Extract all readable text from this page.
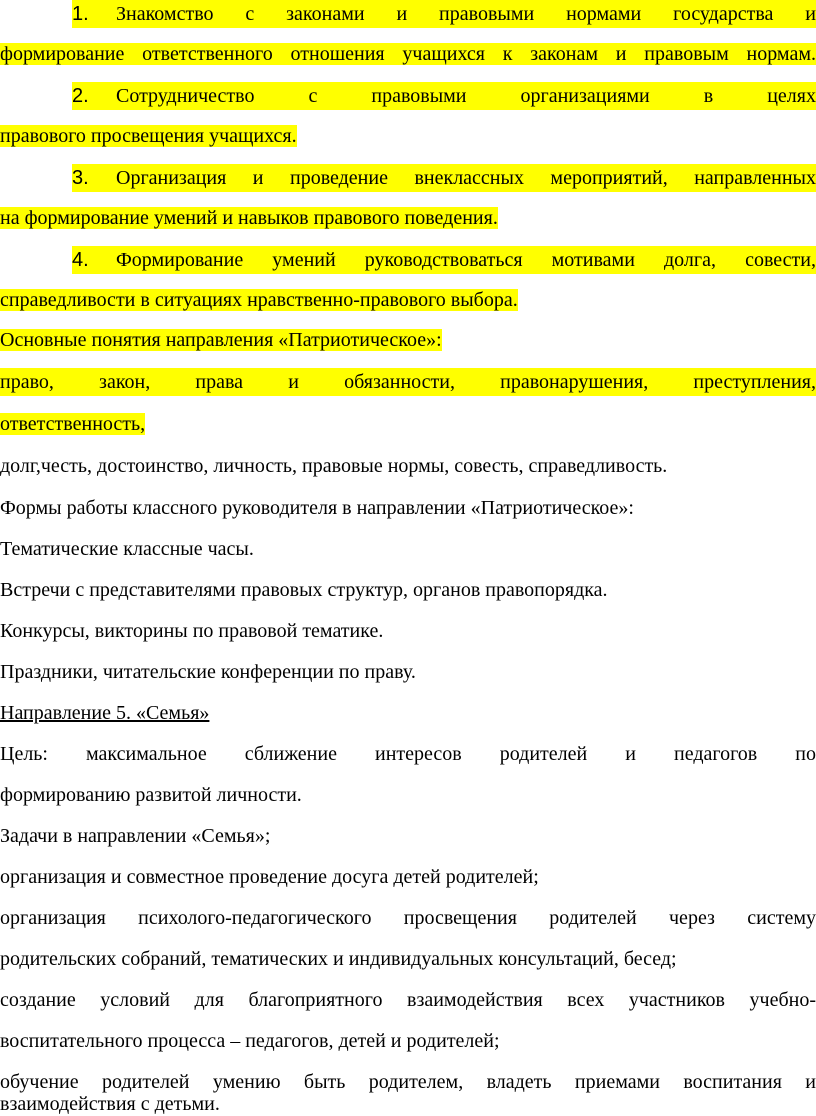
1. Знакомство с законами и правовыми нормами государства и
формирование ответственного отношения учащихся к законам и правовым нормам.
2. Сотрудничество с правовыми организациями в целях
правового просвещения учащихся.
3. Организация и проведение внеклассных мероприятий, направленных
на формирование умений и навыков правового поведения.
4. Формирование умений руководствоваться мотивами долга, совести,
справедливости в ситуациях нравственно-правового выбора.
Основные понятия направления «Патриотическое»:
право, закон, права и обязанности, правонарушения, преступления,
ответственность,
долг,честь, достоинство, личность, правовые нормы, совесть, справедливость.
Формы работы классного руководителя в направлении «Патриотическое»:
Тематические классные часы.
Встречи с представителями правовых структур, органов правопорядка.
Конкурсы, викторины по правовой тематике.
Праздники, читательские конференции по праву.
Направление 5. «Семья»
Цель: максимальное сближение интересов родителей и педагогов по
формированию развитой личности.
Задачи в направлении «Семья»;
организация и совместное проведение досуга детей родителей;
организация психолого-педагогического просвещения родителей через систему
родительских собраний, тематических и индивидуальных консультаций, бесед;
создание условий для благоприятного взаимодействия всех участников учебно-
воспитательного процесса – педагогов, детей и родителей;
обучение родителей умению быть родителем, владеть приемами воспитания и
взаимодействия с детьми.
